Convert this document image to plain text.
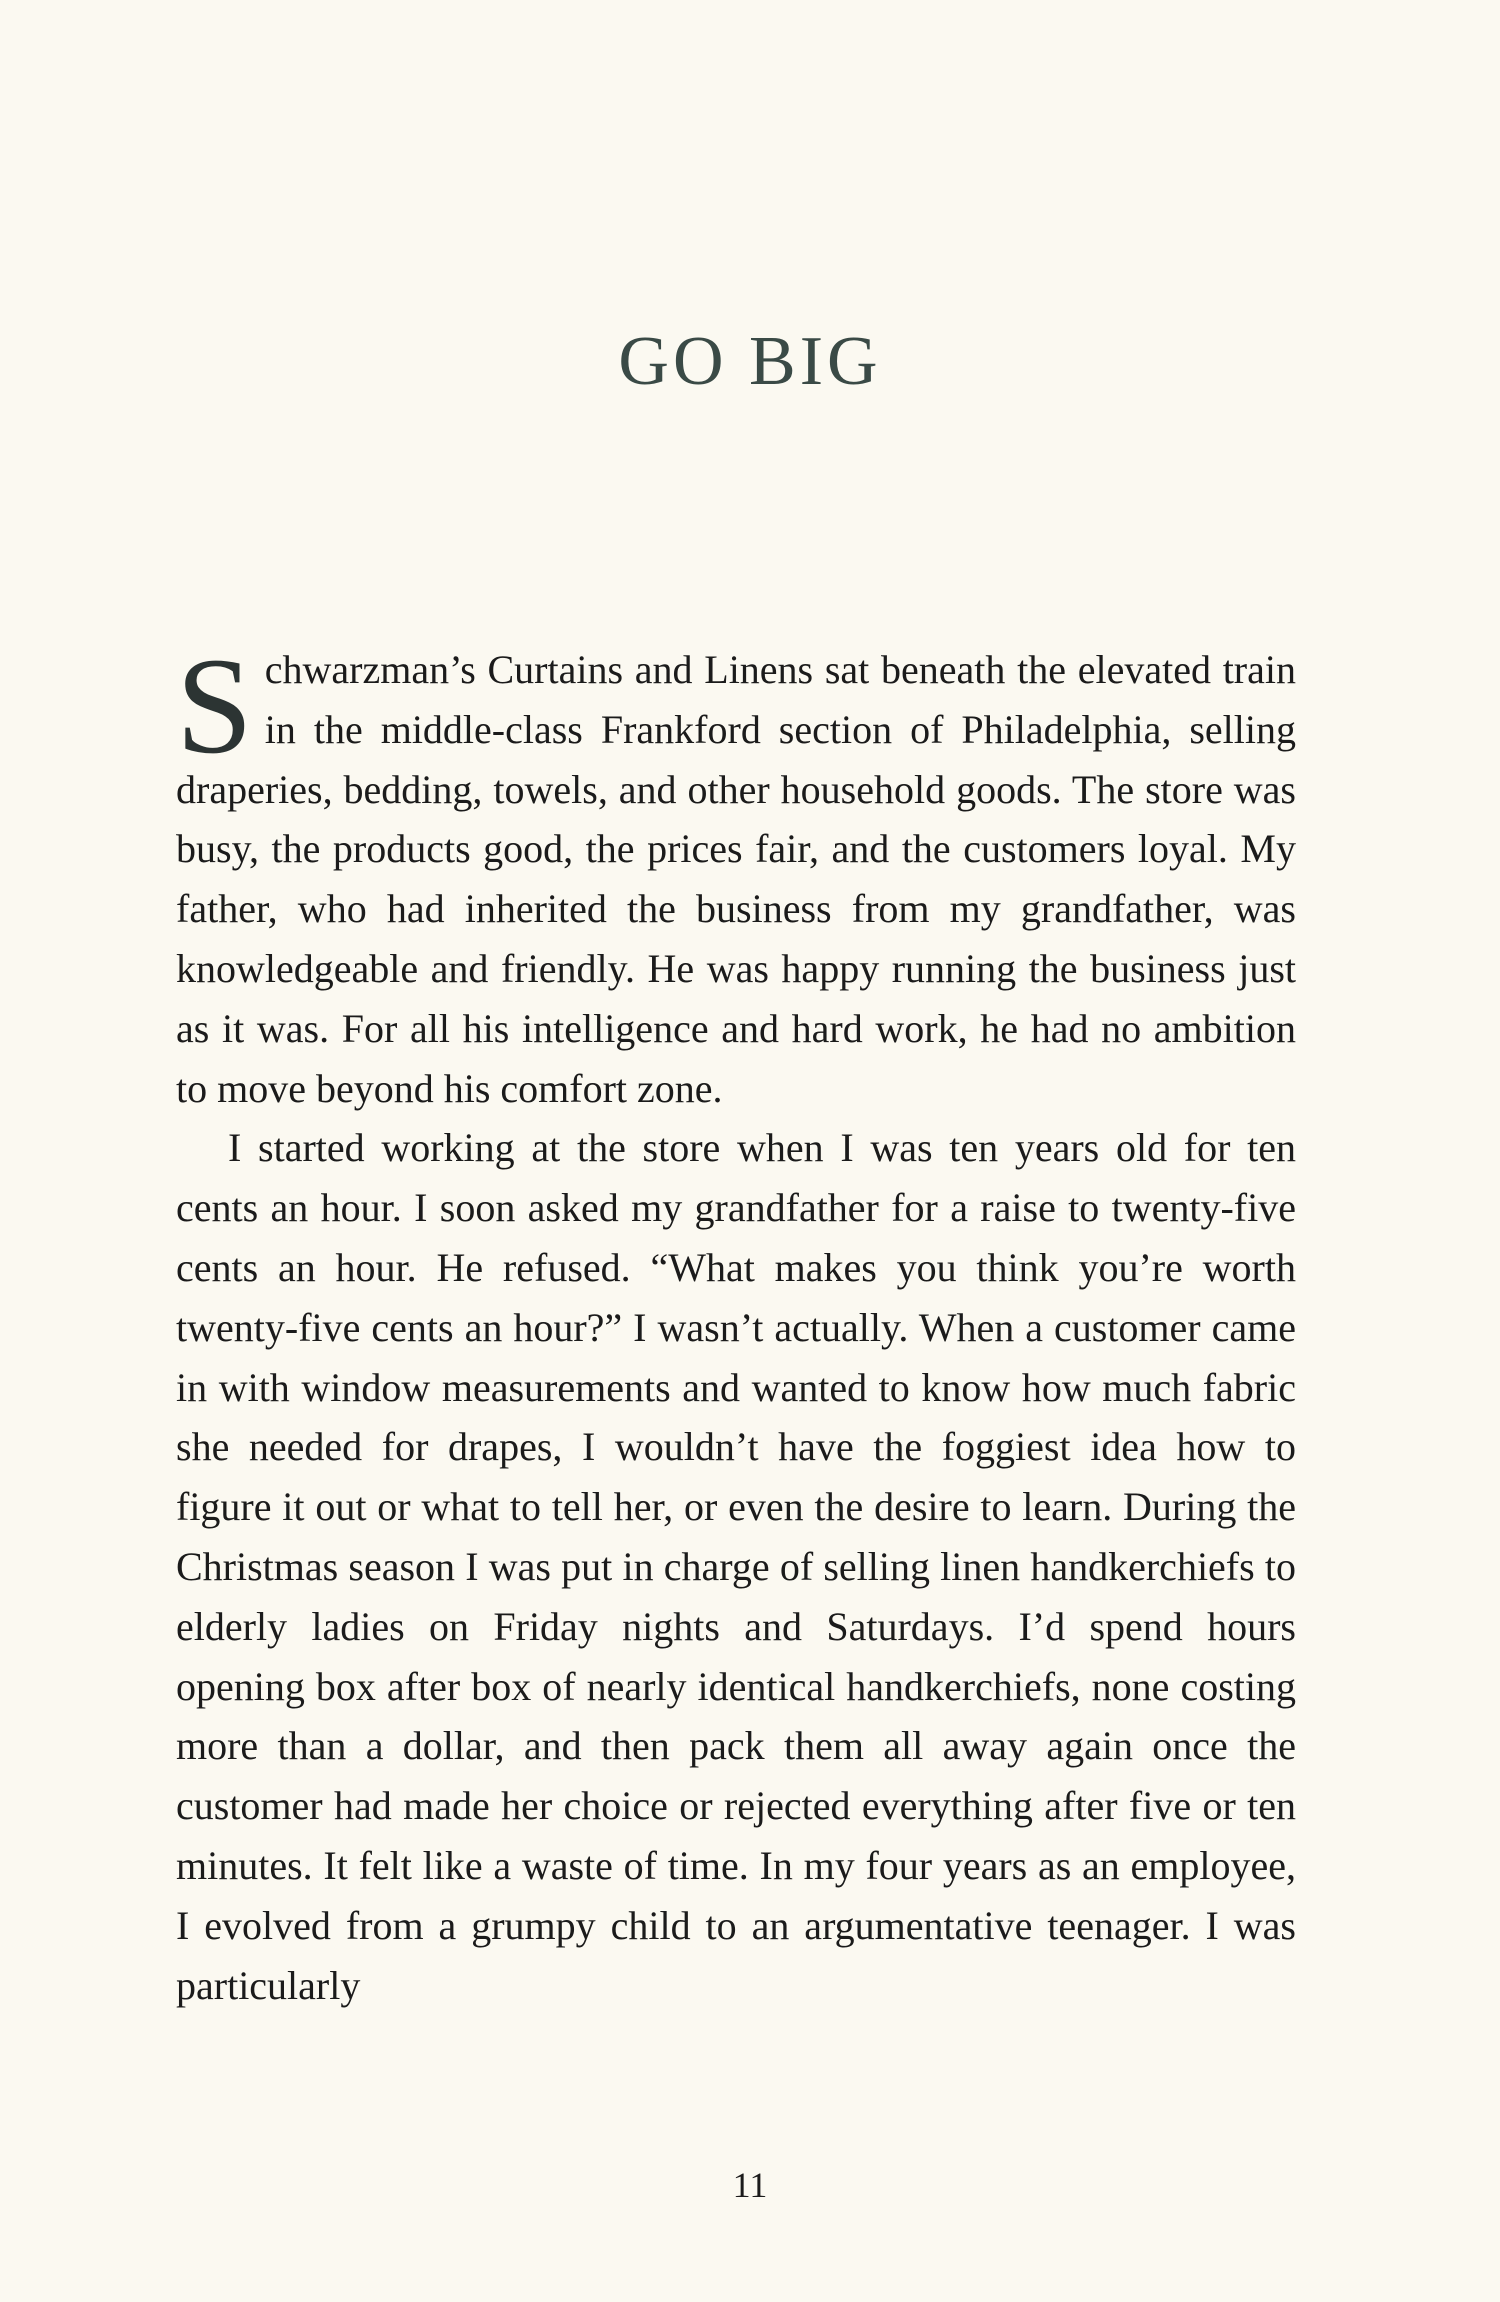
GO BIG

Schwarzman’s Curtains and Linens sat beneath the elevated train in the middle-class Frankford section of Philadelphia, selling draperies, bedding, towels, and other household goods. The store was busy, the products good, the prices fair, and the customers loyal. My father, who had inherited the business from my grandfather, was knowledgeable and friendly. He was happy running the business just as it was. For all his intelligence and hard work, he had no ambition to move beyond his comfort zone.

I started working at the store when I was ten years old for ten cents an hour. I soon asked my grandfather for a raise to twenty-five cents an hour. He refused. “What makes you think you’re worth twenty-five cents an hour?” I wasn’t actually. When a customer came in with window measurements and wanted to know how much fabric she needed for drapes, I wouldn’t have the foggiest idea how to figure it out or what to tell her, or even the desire to learn. During the Christmas season I was put in charge of selling linen handkerchiefs to elderly ladies on Friday nights and Saturdays. I’d spend hours opening box after box of nearly identical handkerchiefs, none costing more than a dollar, and then pack them all away again once the customer had made her choice or rejected everything after five or ten minutes. It felt like a waste of time. In my four years as an employee, I evolved from a grumpy child to an argumentative teenager. I was particularly

11
